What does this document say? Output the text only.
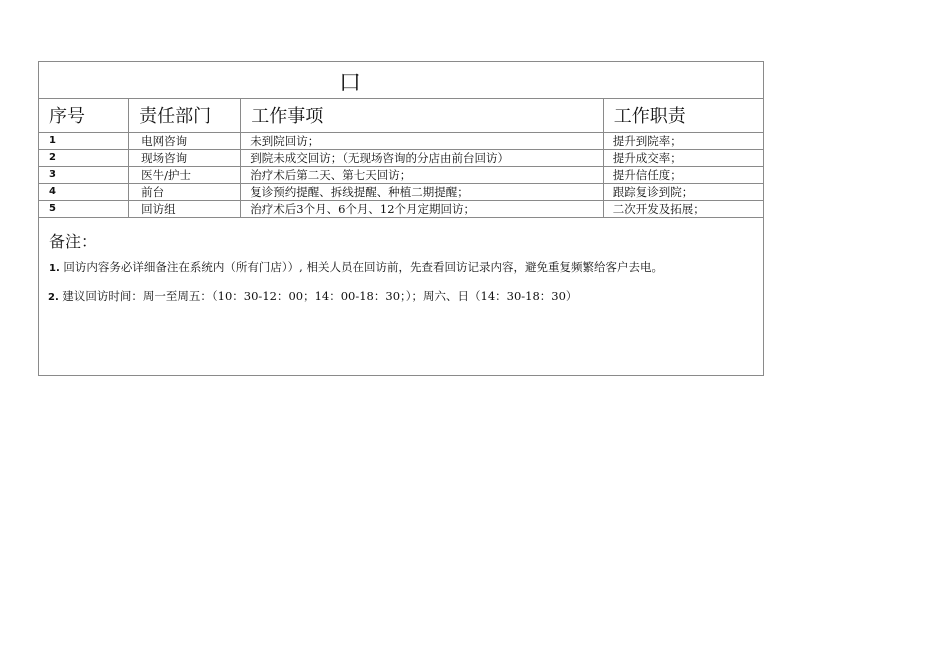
口
序号	责任部门	工作事项	工作职责
1	电网咨询	未到院回访；	提升到院率；
2	现场咨询	到院未成交回访；（无现场咨询的分店由前台回访）	提升成交率；
3	医牛/护士	治疗术后第二天、第七天回访；	提升信任度；
4	前台	复诊预约提醒、拆线提醒、种植二期提醒；	跟踪复诊到院；
5	回访组	治疗术后3个月、6个月、12个月定期回访；	二次开发及拓展；
备注：
1. 回访内容务必详细备注在系统内（所有门店））, 相关人员在回访前，先查看回访记录内容，避免重复频繁给客户去电。
2. 建议回访时间：周一至周五：（10：30-12：00；14：00-18：30；）；周六、日（14：30-18：30）
